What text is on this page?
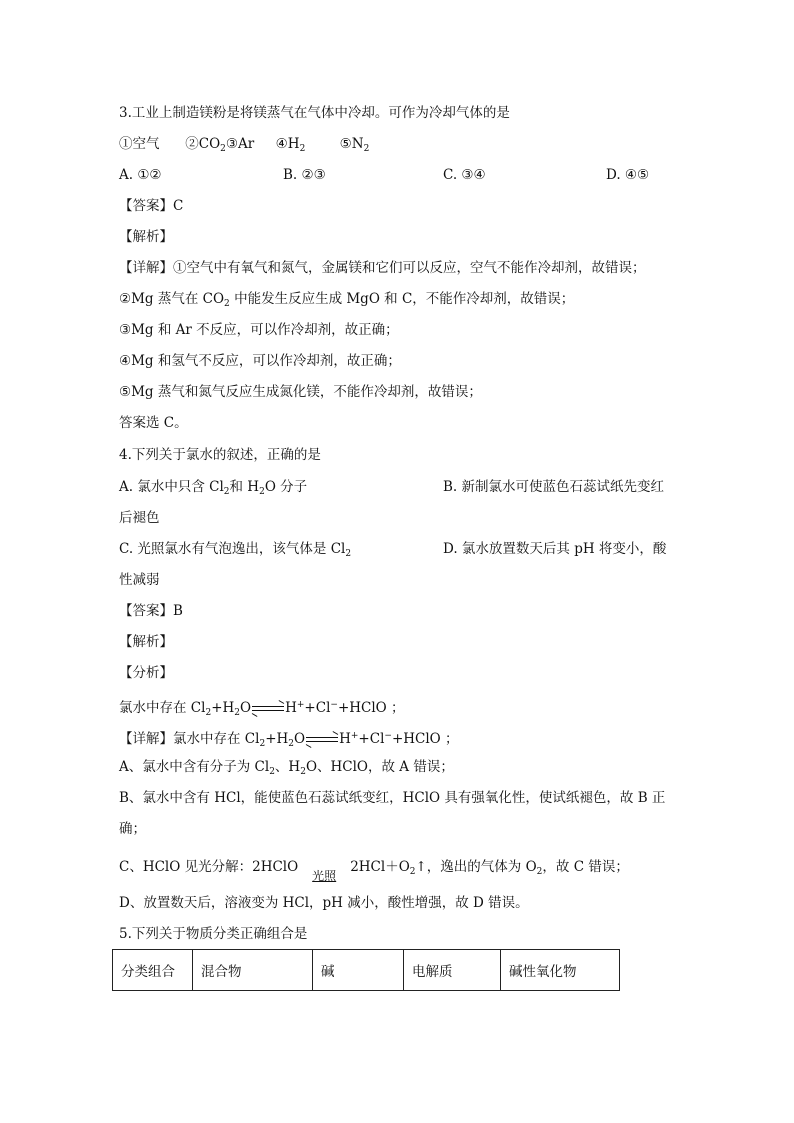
3.工业上制造镁粉是将镁蒸气在气体中冷却。可作为冷却气体的是
①空气 $②CO_2③Ar$ $④H_2$	$⑤N_2$
A. ①②	B. ②③	C. ③④	D. ④⑤
【答案】C
【解析】
【详解】①空气中有氧气和氮气，金属镁和它们可以反应，空气不能作冷却剂，故错误；
②Mg 蒸气在 $CO_2$ 中能发生反应生成 MgO 和 C，不能作冷却剂，故错误；
③Mg 和 Ar 不反应，可以作冷却剂，故正确；
④Mg 和氢气不反应，可以作冷却剂，故正确；
⑤Mg 蒸气和氮气反应生成氮化镁，不能作冷却剂，故错误；
答案选 C。
4.下列关于氯水的叙述，正确的是
A. 氯水中只含 $Cl_2$和 $H_2O$ 分子	B. 新制氯水可使蓝色石蕊试纸先变红
后褪色
C. 光照氯水有气泡逸出，该气体是 $Cl_2$	D. 氯水放置数天后其 pH 将变小，酸
性减弱
【答案】B
【解析】
【分析】
氯水中存在 $Cl_2+H_2O$	H++Cl−+HClO ；
【详解】氯水中存在 $Cl_2+H_2O$	H++Cl−+HClO ；
A、氯水中含有分子为 $Cl_2$、$H_2O$、HClO，故 A 错误；
B、氯水中含有 HCl，能使蓝色石蕊试纸变红，HClO 具有强氧化性，使试纸褪色，故 B 正
确；
C、HClO 见光分解：2HClO
光照
$2HCl+O_2↑$，逸出的气体为 $O_2$，故 C 错误；
D、放置数天后，溶液变为 HCl，pH 减小，酸性增强，故 D 错误。
5.下列关于物质分类正确组合是
分类组合	混合物	碱	电解质	碱性氧化物
